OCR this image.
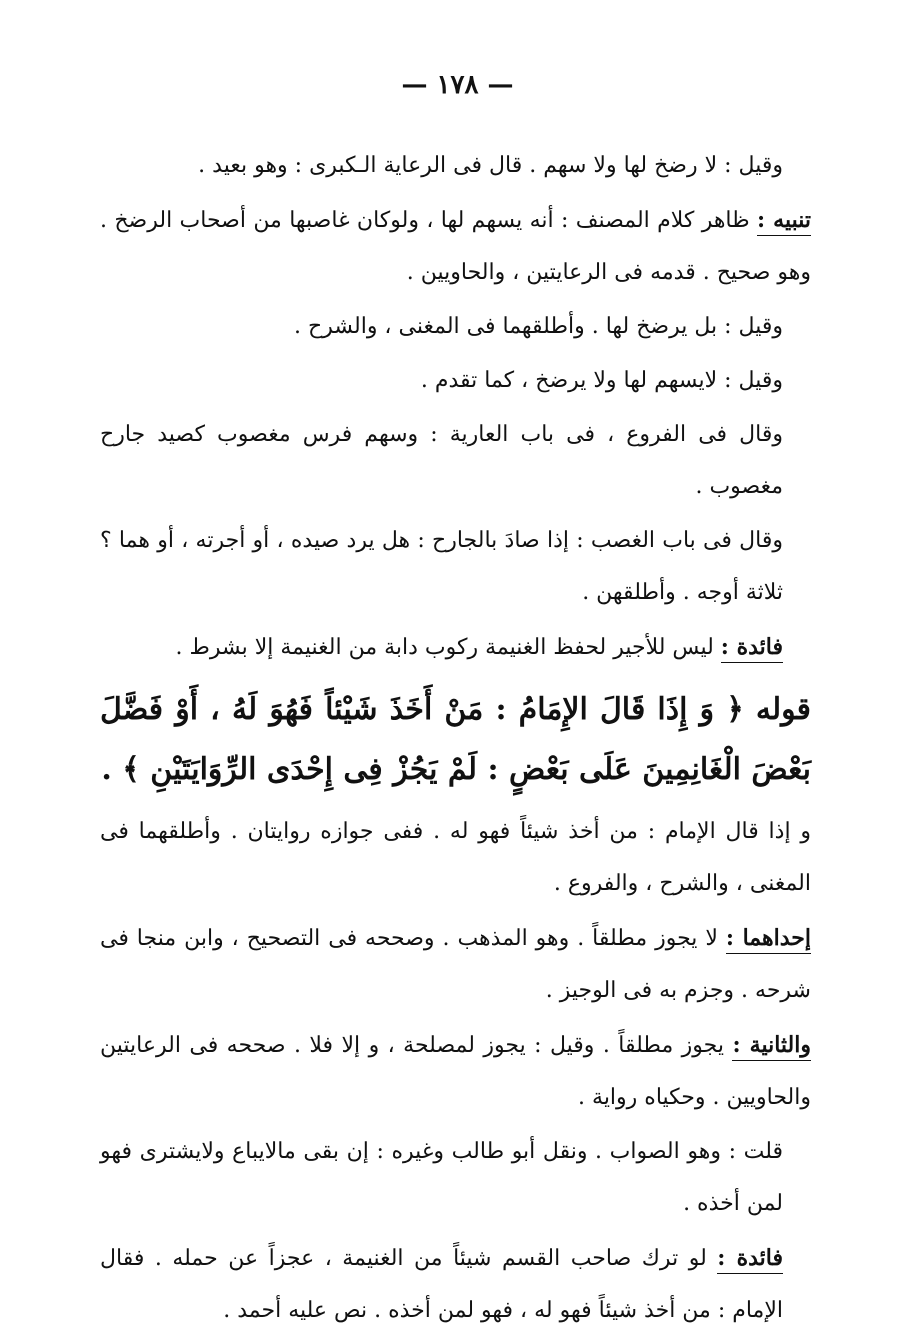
— ١٧٨ —

وقيل : لا رضخ لها ولا سهم . قال فى الرعاية الـكبرى : وهو بعيد .

تنبيه : ظاهر كلام المصنف : أنه يسهم لها ، ولوكان غاصبها من أصحاب الرضخ . وهو صحيح . قدمه فى الرعايتين ، والحاويين .

وقيل : بل يرضخ لها . وأطلقهما فى المغنى ، والشرح .

وقيل : لايسهم لها ولا يرضخ ، كما تقدم .

وقال فى الفروع ، فى باب العارية : وسهم فرس مغصوب كصيد جارح مغصوب .

وقال فى باب الغصب : إذا صادَ بالجارح : هل يرد صيده ، أو أجرته ، أو هما ؟ ثلاثة أوجه . وأطلقهن .

فائدة : ليس للأجير لحفظ الغنيمة ركوب دابة من الغنيمة إلا بشرط .

قوله ﴿ وَ إِذَا قَالَ الإِمَامُ : مَنْ أَخَذَ شَيْئاً فَهُوَ لَهُ ، أَوْ فَضَّلَ بَعْضَ الْغَانِمِينَ عَلَى بَعْضٍ : لَمْ يَجُزْ فِى إِحْدَى الرِّوَايَتَيْنِ ﴾ .

و إذا قال الإمام : من أخذ شيئاً فهو له . ففى جوازه روايتان . وأطلقهما فى المغنى ، والشرح ، والفروع .

إحداهما : لا يجوز مطلقاً . وهو المذهب . وصححه فى التصحيح ، وابن منجا فى شرحه . وجزم به فى الوجيز .

والثانية : يجوز مطلقاً . وقيل : يجوز لمصلحة ، و إلا فلا . صححه فى الرعايتين والحاويين . وحكياه رواية .

قلت : وهو الصواب . ونقل أبو طالب وغيره : إن بقى مالايباع ولايشترى فهو لمن أخذه .

فائدة : لو ترك صاحب القسم شيئاً من الغنيمة ، عجزاً عن حمله . فقال الإمام : من أخذ شيئاً فهو له ، فهو لمن أخذه . نص عليه أحمد .
